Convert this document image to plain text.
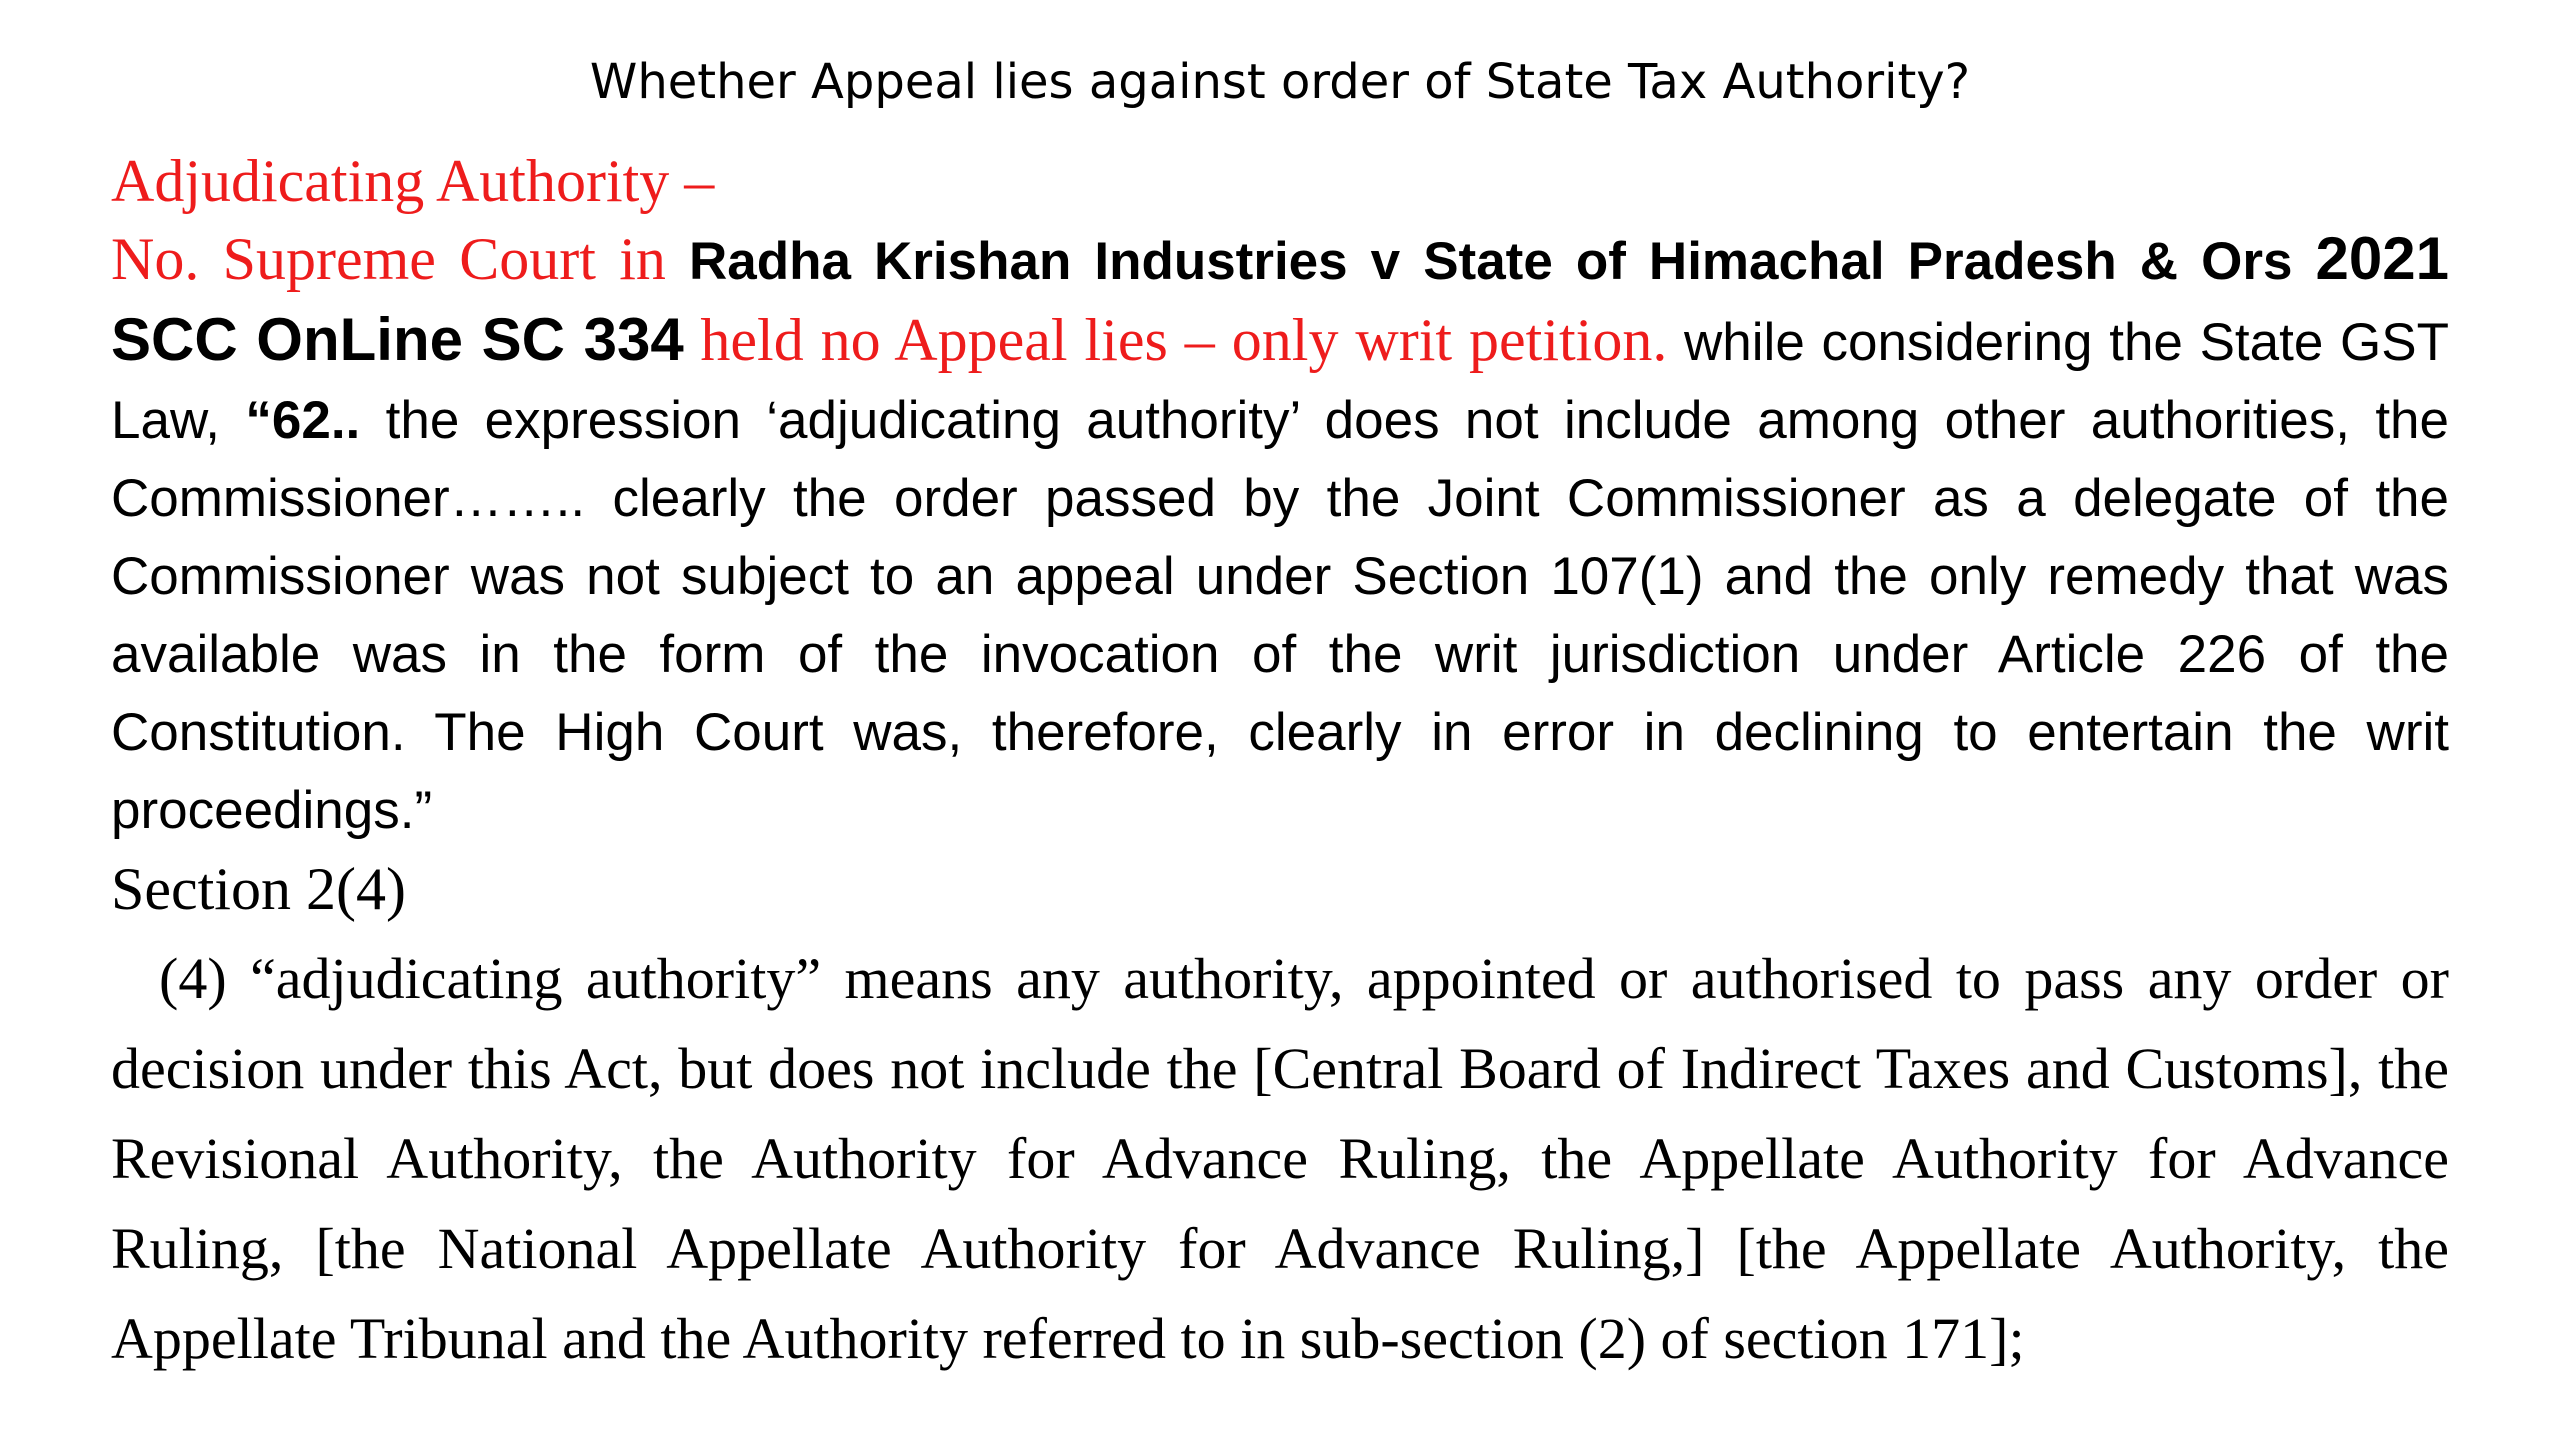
Whether Appeal lies against order of State Tax Authority?
Adjudicating Authority –
No. Supreme Court in Radha Krishan Industries v State of Himachal Pradesh & Ors 2021 SCC OnLine SC 334 held no Appeal lies – only writ petition. while considering the State GST Law, “62.. the expression ‘adjudicating authority’ does not include among other authorities, the Commissioner…….. clearly the order passed by the Joint Commissioner as a delegate of the Commissioner was not subject to an appeal under Section 107(1) and the only remedy that was available was in the form of the invocation of the writ jurisdiction under Article 226 of the Constitution. The High Court was, therefore, clearly in error in declining to entertain the writ proceedings.”
Section 2(4)
(4) “adjudicating authority” means any authority, appointed or authorised to pass any order or decision under this Act, but does not include the [Central Board of Indirect Taxes and Customs], the Revisional Authority, the Authority for Advance Ruling, the Appellate Authority for Advance Ruling, [the National Appellate Authority for Advance Ruling,] [the Appellate Authority, the Appellate Tribunal and the Authority referred to in sub-section (2) of section 171];
